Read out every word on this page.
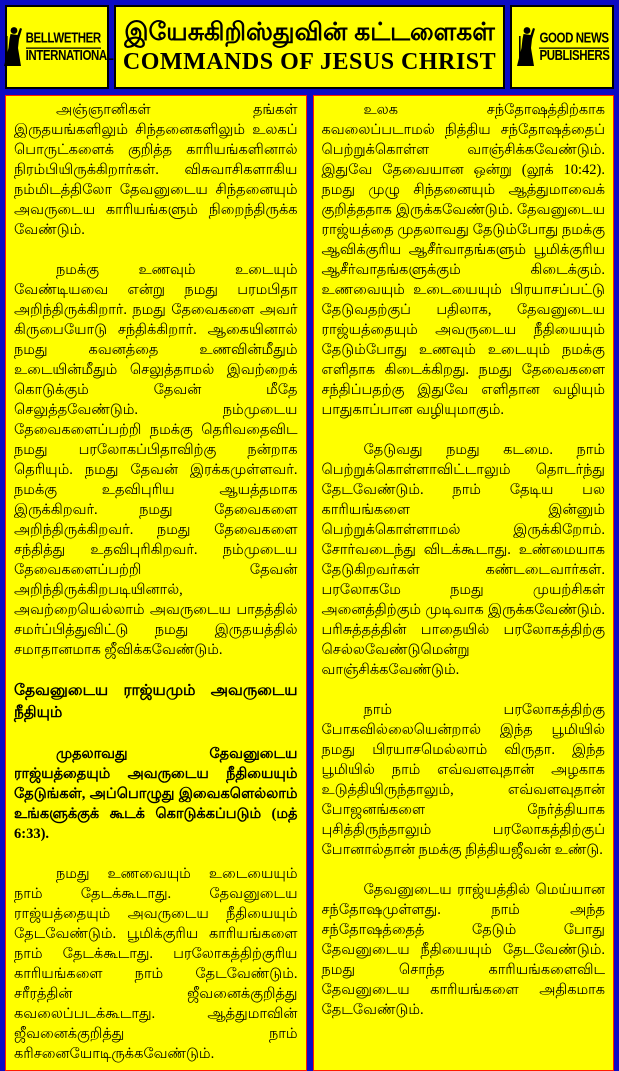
BELLWETHER
INTERNATIONAL
இயேசுகிறிஸ்துவின் கட்டளைகள்
COMMANDS OF JESUS CHRIST
GOOD NEWS
PUBLISHERS

அஞ்ஞானிகள் தங்கள் இருதயங்களிலும் சிந்தனைகளிலும் உலகப் பொருட்களைக் குறித்த காரியங்களினால் நிரம்பியிருக்கிறார்கள். விசுவாசிகளாகிய நம்மிடத்திலோ தேவனுடைய சிந்தனையும் அவருடைய காரியங்களும் நிறைந்திருக்க வேண்டும்.

நமக்கு உணவும் உடையும் வேண்டியவை என்று நமது பரமபிதா அறிந்திருக்கிறார். நமது தேவைகளை அவர் கிருபையோடு சந்திக்கிறார். ஆகையினால் நமது கவனத்தை உணவின்மீதும் உடையின்மீதும் செலுத்தாமல் இவற்றைக் கொடுக்கும் தேவன் மீதே செலுத்தவேண்டும். நம்முடைய தேவைகளைப்பற்றி நமக்கு தெரிவதைவிட நமது பரலோகப்பிதாவிற்கு நன்றாக தெரியும். நமது தேவன் இரக்கமுள்ளவர். நமக்கு உதவிபுரிய ஆயத்தமாக இருக்கிறவர். நமது தேவைகளை அறிந்திருக்கிறவர். நமது தேவைகளை சந்தித்து உதவிபுரிகிறவர். நம்முடைய தேவைகளைப்பற்றி தேவன் அறிந்திருக்கிறபடியினால், அவற்றையெல்லாம் அவருடைய பாதத்தில் சமர்ப்பித்துவிட்டு நமது இருதயத்தில் சமாதானமாக ஜீவிக்கவேண்டும்.

தேவனுடைய ராஜ்யமும் அவருடைய நீதியும்

முதலாவது தேவனுடைய ராஜ்யத்தையும் அவருடைய நீதியையும் தேடுங்கள், அப்பொழுது இவைகளெல்லாம் உங்களுக்குக் கூடக் கொடுக்கப்படும் (மத் 6:33).

நமது உணவையும் உடையையும் நாம் தேடக்கூடாது. தேவனுடைய ராஜ்யத்தையும் அவருடைய நீதியையும் தேடவேண்டும். பூமிக்குரிய காரியங்களை நாம் தேடக்கூடாது. பரலோகத்திற்குரிய காரியங்களை நாம் தேடவேண்டும். சரீரத்தின் ஜீவனைக்குறித்து கவலைப்படக்கூடாது. ஆத்துமாவின் ஜீவனைக்குறித்து நாம் கரிசனையோடிருக்கவேண்டும்.

உலக சந்தோஷத்திற்காக கவலைப்படாமல் நித்திய சந்தோஷத்தைப் பெற்றுக்கொள்ள வாஞ்சிக்கவேண்டும். இதுவே தேவையான ஒன்று (லூக் 10:42). நமது முழு சிந்தனையும் ஆத்துமாவைக் குறித்ததாக இருக்கவேண்டும். தேவனுடைய ராஜ்யத்தை முதலாவது தேடும்போது நமக்கு ஆவிக்குரிய ஆசீர்வாதங்களும் பூமிக்குரிய ஆசீர்வாதங்களுக்கும் கிடைக்கும். உணவையும் உடையையும் பிரயாசப்பட்டு தேடுவதற்குப் பதிலாக, தேவனுடைய ராஜ்யத்தையும் அவருடைய நீதியையும் தேடும்போது உணவும் உடையும் நமக்கு எளிதாக கிடைக்கிறது. நமது தேவைகளை சந்திப்பதற்கு இதுவே எளிதான வழியும் பாதுகாப்பான வழியுமாகும்.

தேடுவது நமது கடமை. நாம் பெற்றுக்கொள்ளாவிட்டாலும் தொடர்ந்து தேடவேண்டும். நாம் தேடிய பல காரியங்களை இன்னும் பெற்றுக்கொள்ளாமல் இருக்கிறோம். சோர்வடைந்து விடக்கூடாது. உண்மையாக தேடுகிறவர்கள் கண்டடைவார்கள். பரலோகமே நமது முயற்சிகள் அனைத்திற்கும் முடிவாக இருக்கவேண்டும். பரிசுத்தத்தின் பாதையில் பரலோகத்திற்கு செல்லவேண்டுமென்று வாஞ்சிக்கவேண்டும்.

நாம் பரலோகத்திற்கு போகவில்லையென்றால் இந்த பூமியில் நமது பிரயாசமெல்லாம் விருதா. இந்த பூமியில் நாம் எவ்வளவுதான் அழகாக உடுத்தியிருந்தாலும், எவ்வளவுதான் போஜனங்களை நேர்த்தியாக புசித்திருந்தாலும் பரலோகத்திற்குப் போனால்தான் நமக்கு நித்தியஜீவன் உண்டு.

தேவனுடைய ராஜ்யத்தில் மெய்யான சந்தோஷமுள்ளது. நாம் அந்த சந்தோஷத்தைத் தேடும் போது தேவனுடைய நீதியையும் தேடவேண்டும். நமது சொந்த காரியங்களைவிட தேவனுடைய காரியங்களை அதிகமாக தேடவேண்டும்.
